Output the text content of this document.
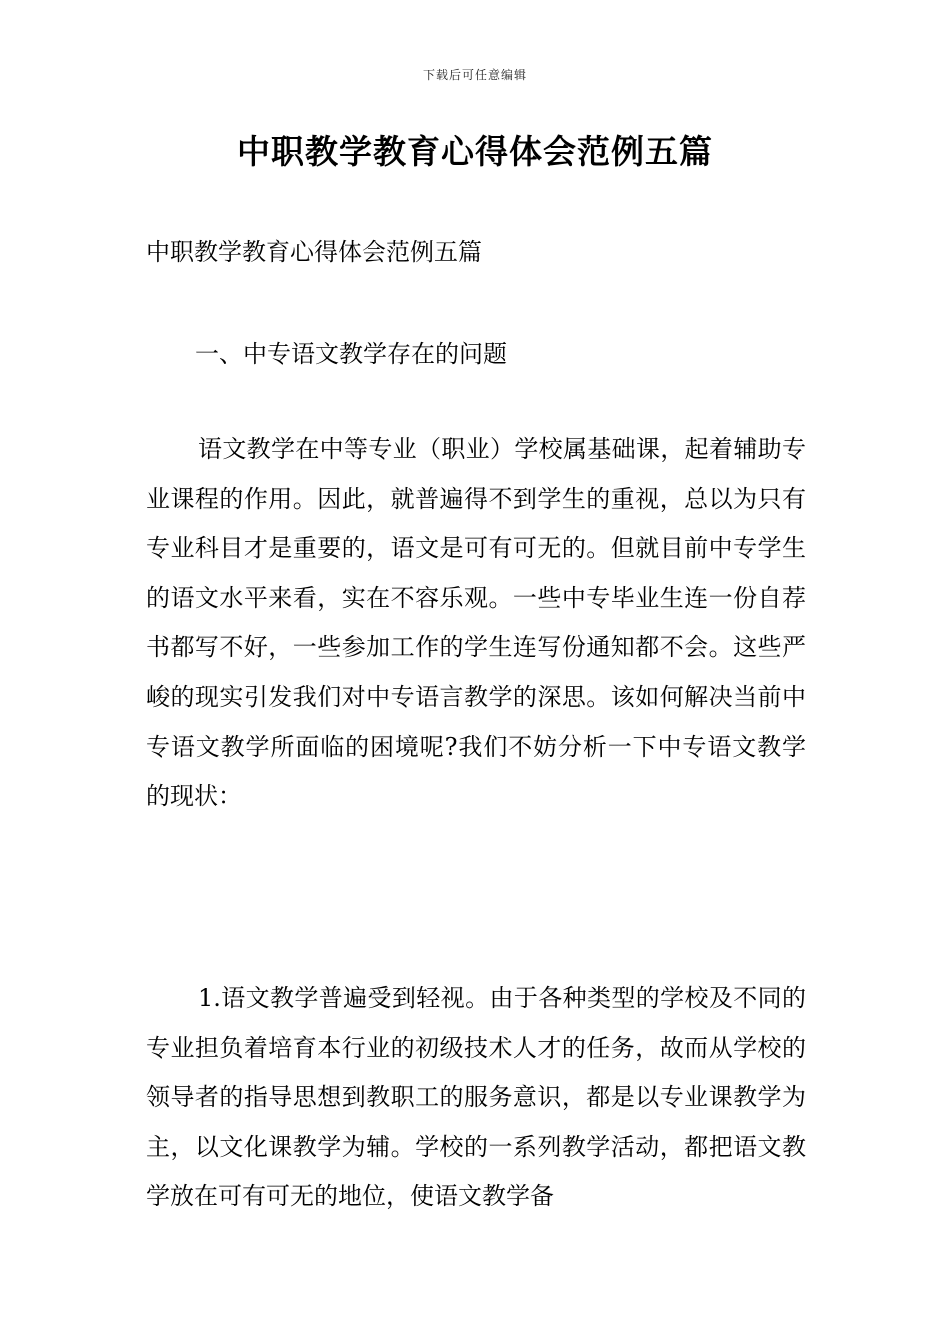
下载后可任意编辑
中职教学教育心得体会范例五篇
中职教学教育心得体会范例五篇
一、中专语文教学存在的问题

语文教学在中等专业（职业）学校属基础课，起着辅助专业课程的作用。因此，就普遍得不到学生的重视，总以为只有专业科目才是重要的，语文是可有可无的。但就目前中专学生的语文水平来看，实在不容乐观。一些中专毕业生连一份自荐书都写不好，一些参加工作的学生连写份通知都不会。这些严峻的现实引发我们对中专语言教学的深思。该如何解决当前中专语文教学所面临的困境呢?我们不妨分析一下中专语文教学的现状：

1.语文教学普遍受到轻视。由于各种类型的学校及不同的专业担负着培育本行业的初级技术人才的任务，故而从学校的领导者的指导思想到教职工的服务意识，都是以专业课教学为主，以文化课教学为辅。学校的一系列教学活动，都把语文教学放在可有可无的地位，使语文教学备
